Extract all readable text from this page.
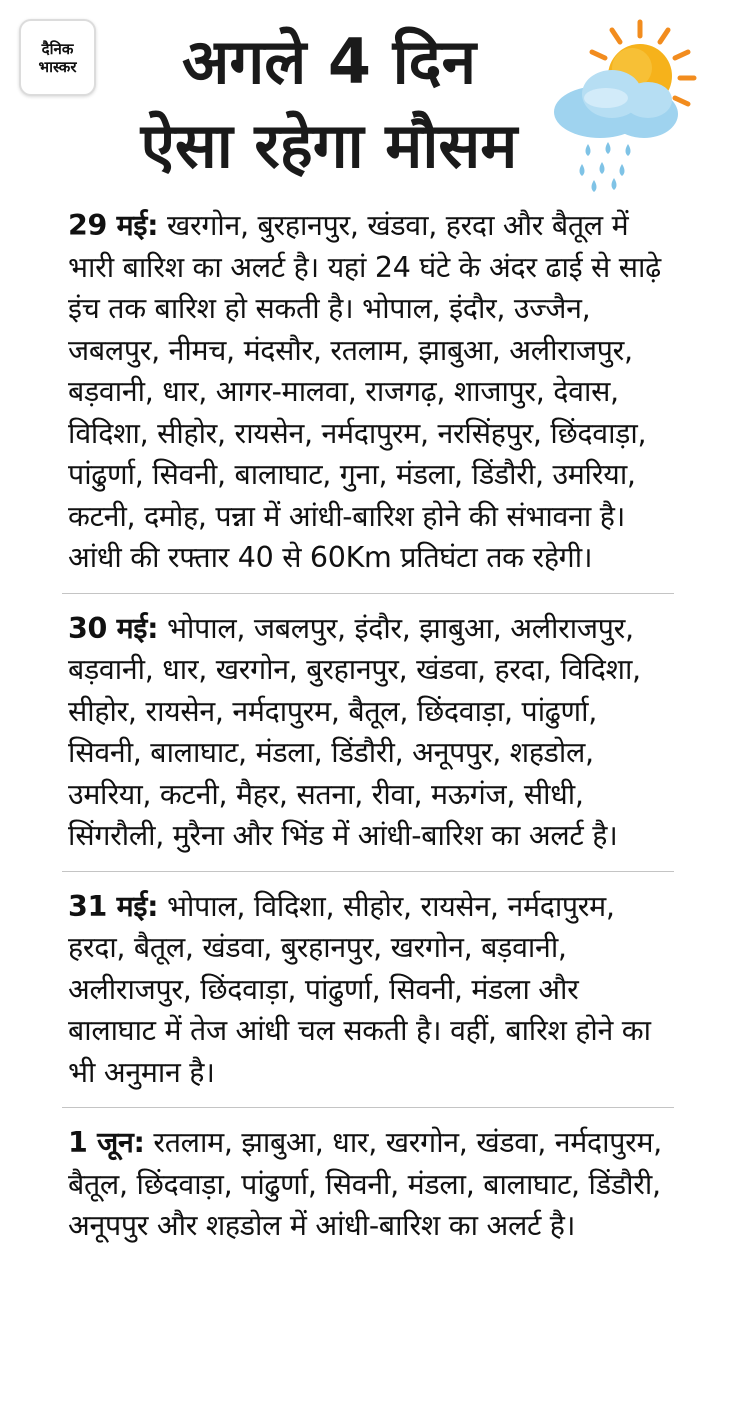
दैनिक
भास्कर	अगले 4 दिन
ऐसा रहेगा मौसम
29 मई: खरगोन, बुरहानपुर, खंडवा, हरदा और बैतूल में भारी बारिश का अलर्ट है। यहां 24 घंटे के अंदर ढाई से साढ़े इंच तक बारिश हो सकती है। भोपाल, इंदौर, उज्जैन, जबलपुर, नीमच, मंदसौर, रतलाम, झाबुआ, अलीराजपुर, बड़वानी, धार, आगर-मालवा, राजगढ़, शाजापुर, देवास, विदिशा, सीहोर, रायसेन, नर्मदापुरम, नरसिंहपुर, छिंदवाड़ा, पांढुर्णा, सिवनी, बालाघाट, गुना, मंडला, डिंडौरी, उमरिया, कटनी, दमोह, पन्ना में आंधी-बारिश होने की संभावना है। आंधी की रफ्तार 40 से 60Km प्रतिघंटा तक रहेगी।
30 मई: भोपाल, जबलपुर, इंदौर, झाबुआ, अलीराजपुर, बड़वानी, धार, खरगोन, बुरहानपुर, खंडवा, हरदा, विदिशा, सीहोर, रायसेन, नर्मदापुरम, बैतूल, छिंदवाड़ा, पांढुर्णा, सिवनी, बालाघाट, मंडला, डिंडौरी, अनूपपुर, शहडोल, उमरिया, कटनी, मैहर, सतना, रीवा, मऊगंज, सीधी, सिंगरौली, मुरैना और भिंड में आंधी-बारिश का अलर्ट है।
31 मई: भोपाल, विदिशा, सीहोर, रायसेन, नर्मदापुरम, हरदा, बैतूल, खंडवा, बुरहानपुर, खरगोन, बड़वानी, अलीराजपुर, छिंदवाड़ा, पांढुर्णा, सिवनी, मंडला और बालाघाट में तेज आंधी चल सकती है। वहीं, बारिश होने का भी अनुमान है।
1 जून: रतलाम, झाबुआ, धार, खरगोन, खंडवा, नर्मदापुरम, बैतूल, छिंदवाड़ा, पांढुर्णा, सिवनी, मंडला, बालाघाट, डिंडौरी, अनूपपुर और शहडोल में आंधी-बारिश का अलर्ट है।
